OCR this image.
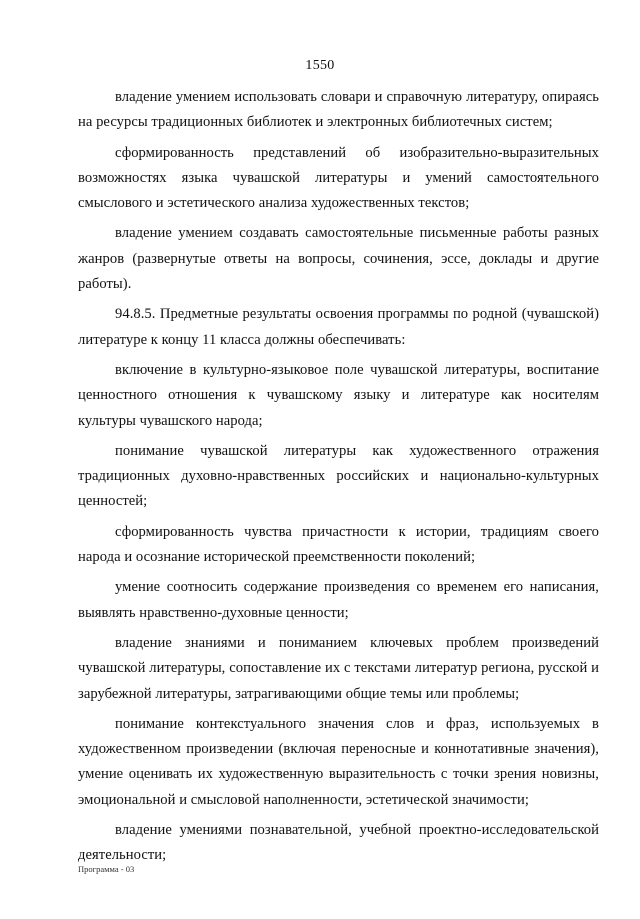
1550

владение умением использовать словари и справочную литературу, опираясь на ресурсы традиционных библиотек и электронных библиотечных систем;

сформированность представлений об изобразительно-выразительных возможностях языка чувашской литературы и умений самостоятельного смыслового и эстетического анализа художественных текстов;

владение умением создавать самостоятельные письменные работы разных жанров (развернутые ответы на вопросы, сочинения, эссе, доклады и другие работы).

94.8.5. Предметные результаты освоения программы по родной (чувашской) литературе к концу 11 класса должны обеспечивать:

включение в культурно-языковое поле чувашской литературы, воспитание ценностного отношения к чувашскому языку и литературе как носителям культуры чувашского народа;

понимание чувашской литературы как художественного отражения традиционных духовно-нравственных российских и национально-культурных ценностей;

сформированность чувства причастности к истории, традициям своего народа и осознание исторической преемственности поколений;

умение соотносить содержание произведения со временем его написания, выявлять нравственно-духовные ценности;

владение знаниями и пониманием ключевых проблем произведений чувашской литературы, сопоставление их с текстами литератур региона, русской и зарубежной литературы, затрагивающими общие темы или проблемы;

понимание контекстуального значения слов и фраз, используемых в художественном произведении (включая переносные и коннотативные значения), умение оценивать их художественную выразительность с точки зрения новизны, эмоциональной и смысловой наполненности, эстетической значимости;

владение умениями познавательной, учебной проектно-исследовательской деятельности;

Программа - 03
